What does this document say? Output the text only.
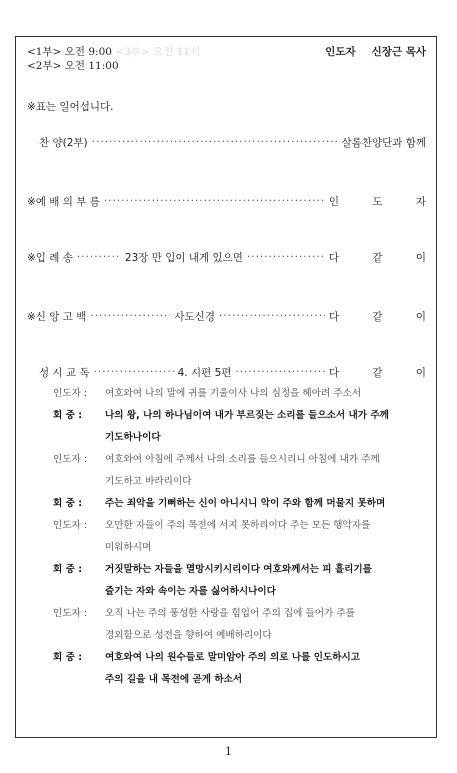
<1부> 오전 9:00 <3부> 오전 11시
<2부> 오전 11:00
인도자 신장근 목사
※표는 일어섭니다.
찬 양(2부) ·····	살롬찬양단과 함께
※예 배 의 부 름 ·····	인 도 자
※입 례 송 ·····	23장 만 입이 내게 있으면 ·····	다 같 이
※신 앙 고 백 ·····	사도신경 ·····	다 같 이
성 시 교 독 ·····	4. 시편 5편 ·····	다 같 이
인도자 : 여호와여 나의 말에 귀를 기울이사 나의 심정을 헤아려 주소서
회 중 : 나의 왕, 나의 하나님이여 내가 부르짖는 소리를 들으소서 내가 주께
기도하나이다
인도자 : 여호와여 아침에 주께서 나의 소리를 들으시리니 아침에 내가 주께
기도하고 바라리이다
회 중 : 주는 죄악을 기뻐하는 신이 아니시니 악이 주와 함께 머물지 못하며
인도자 : 오만한 자들이 주의 목전에 서지 못하리이다 주는 모든 행악자를
미워하시며
회 중 : 거짓말하는 자들을 멸망시키시리이다 여호와께서는 피 흘리기를
즐기는 자와 속이는 자를 싫어하시나이다
인도자 : 오직 나는 주의 풍성한 사랑을 힘입어 주의 집에 들어가 주를
경외함으로 성전을 향하여 예배하리이다
회 중 : 여호와여 나의 원수들로 말미암아 주의 의로 나를 인도하시고
주의 길을 내 목전에 곧게 하소서
1
